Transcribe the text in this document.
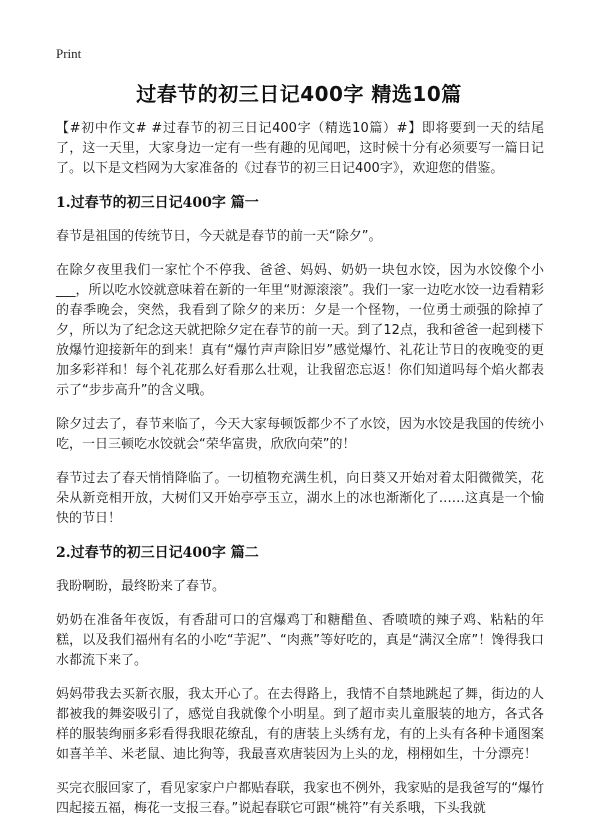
Print
过春节的初三日记400字 精选10篇

【#初中作文# #过春节的初三日记400字（精选10篇）#】即将要到一天的结尾了，这一天里，大家身边一定有一些有趣的见闻吧，这时候十分有必须要写一篇日记了。以下是文档网为大家准备的《过春节的初三日记400字》，欢迎您的借鉴。

1.过春节的初三日记400字 篇一

春节是祖国的传统节日，今天就是春节的前一天“除夕”。

在除夕夜里我们一家忙个不停我、爸爸、妈妈、奶奶一块包水饺，因为水饺像个小___，所以吃水饺就意味着在新的一年里“财源滚滚”。我们一家一边吃水饺一边看精彩的春季晚会，突然，我看到了除夕的来历：夕是一个怪物，一位勇士顽强的除掉了夕，所以为了纪念这天就把除夕定在春节的前一天。到了12点，我和爸爸一起到楼下放爆竹迎接新年的到来！真有“爆竹声声除旧岁”感觉爆竹、礼花让节日的夜晚变的更加多彩祥和！每个礼花那么好看那么壮观，让我留恋忘返！你们知道吗每个焰火都表示了“步步高升”的含义哦。

除夕过去了，春节来临了，今天大家每顿饭都少不了水饺，因为水饺是我国的传统小吃，一日三顿吃水饺就会“荣华富贵，欣欣向荣”的！

春节过去了春天悄悄降临了。一切植物充满生机，向日葵又开始对着太阳微微笑，花朵从新竞相开放，大树们又开始亭亭玉立，湖水上的冰也渐渐化了……这真是一个愉快的节日！

2.过春节的初三日记400字 篇二

我盼啊盼，最终盼来了春节。

奶奶在准备年夜饭，有香甜可口的宫爆鸡丁和糖醋鱼、香喷喷的辣子鸡、粘粘的年糕，以及我们福州有名的小吃“芋泥”、“肉燕”等好吃的，真是“满汉全席”！馋得我口水都流下来了。

妈妈带我去买新衣服，我太开心了。在去得路上，我情不自禁地跳起了舞，街边的人都被我的舞姿吸引了，感觉自我就像个小明星。到了超市卖儿童服装的地方，各式各样的服装绚丽多彩看得我眼花缭乱，有的唐装上头绣有龙，有的上头有各种卡通图案如喜羊羊、米老鼠、迪比狗等，我最喜欢唐装因为上头的龙，栩栩如生，十分漂亮！

买完衣服回家了，看见家家户户都贴春联，我家也不例外，我家贴的是我爸写的“爆竹四起接五福，梅花一支报三春。”说起春联它可跟“桃符”有关系哦，下头我就
